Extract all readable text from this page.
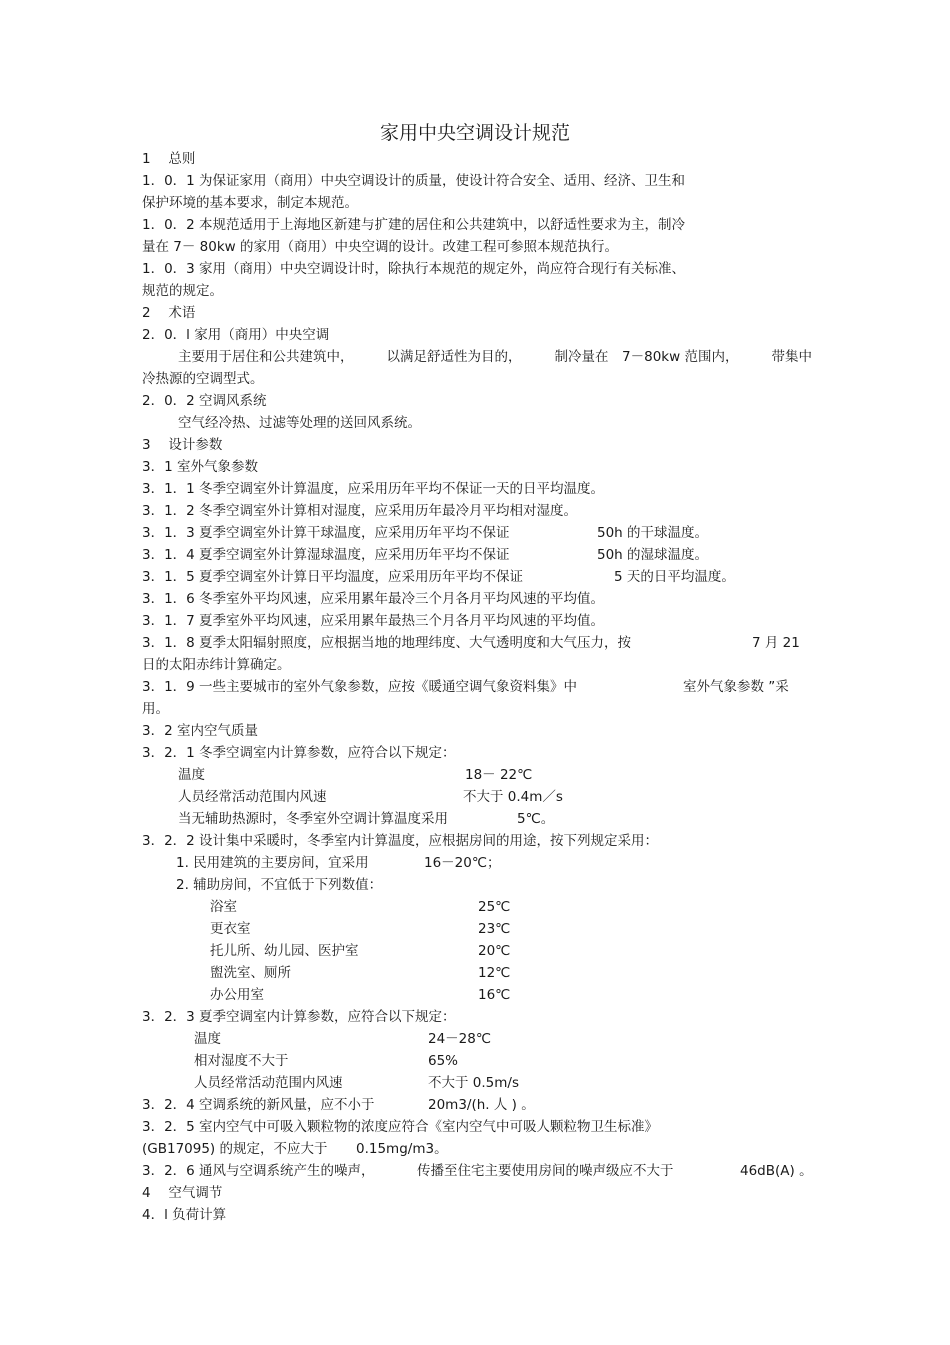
家用中央空调设计规范
1　 总则
1．0．1 为保证家用（商用）中央空调设计的质量，使设计符合安全、适用、经济、卫生和
保护环境的基本要求，制定本规范。
1．0．2 本规范适用于上海地区新建与扩建的居住和公共建筑中，以舒适性要求为主，制冷
量在 7－ 80kw 的家用（商用）中央空调的设计。改建工程可参照本规范执行。
1．0．3 家用（商用）中央空调设计时，除执行本规范的规定外，尚应符合现行有关标准、
规范的规定。
2　 术语
2．0．l 家用（商用）中央空调
主要用于居住和公共建筑中， 以满足舒适性为目的， 制冷量在　7－80kw 范围内， 带集中
冷热源的空调型式。
2．0．2 空调风系统
空气经冷热、过滤等处理的送回风系统。
3　 设计参数
3．1 室外气象参数
3．1．1 冬季空调室外计算温度，应采用历年平均不保证一天的日平均温度。
3．1．2 冬季空调室外计算相对湿度，应采用历年最冷月平均相对湿度。
3．1．3 夏季空调室外计算干球温度，应采用历年平均不保证	50h 的干球温度。
3．1．4 夏季空调室外计算湿球温度，应采用历年平均不保证	50h 的湿球温度。
3．1．5 夏季空调室外计算日平均温度，应采用历年平均不保证	5 天的日平均温度。
3．1．6 冬季室外平均风速，应采用累年最冷三个月各月平均风速的平均值。
3．1．7 夏季室外平均风速，应采用累年最热三个月各月平均风速的平均值。
3．1．8 夏季太阳辐射照度，应根据当地的地理纬度、大气透明度和大气压力，按	7 月 21
日的太阳赤纬计算确定。
3．1．9 一些主要城市的室外气象参数，应按《暖通空调气象资料集》中	室外气象参数 ”采
用。
3．2 室内空气质量
3．2．1 冬季空调室内计算参数，应符合以下规定：
温度	18－ 22℃
人员经常活动范围内风速	不大于 0.4m／s
当无辅助热源时，冬季室外空调计算温度采用	5℃。
3．2．2 设计集中采暖时，冬季室内计算温度，应根据房间的用途，按下列规定采用：
1. 民用建筑的主要房间，宜采用	16－20℃；
2. 辅助房间，不宜低于下列数值：
浴室	25℃
更衣室	23℃
托儿所、幼儿园、医护室	20℃
盥洗室、厕所	12℃
办公用室	16℃
3．2．3 夏季空调室内计算参数，应符合以下规定：
温度	24－28℃
相对湿度不大于	65%
人员经常活动范围内风速	不大于 0.5m/s
3．2．4 空调系统的新风量，应不小于	20m3/(h. 人 ) 。
3．2．5 室内空气中可吸入颗粒物的浓度应符合《室内空气中可吸人颗粒物卫生标准》
(GB17095) 的规定，不应大于 0.15mg/m3。
3．2．6 通风与空调系统产生的噪声，	传播至住宅主要使用房间的噪声级应不大于	46dB(A) 。
4　 空气调节
4．l 负荷计算
